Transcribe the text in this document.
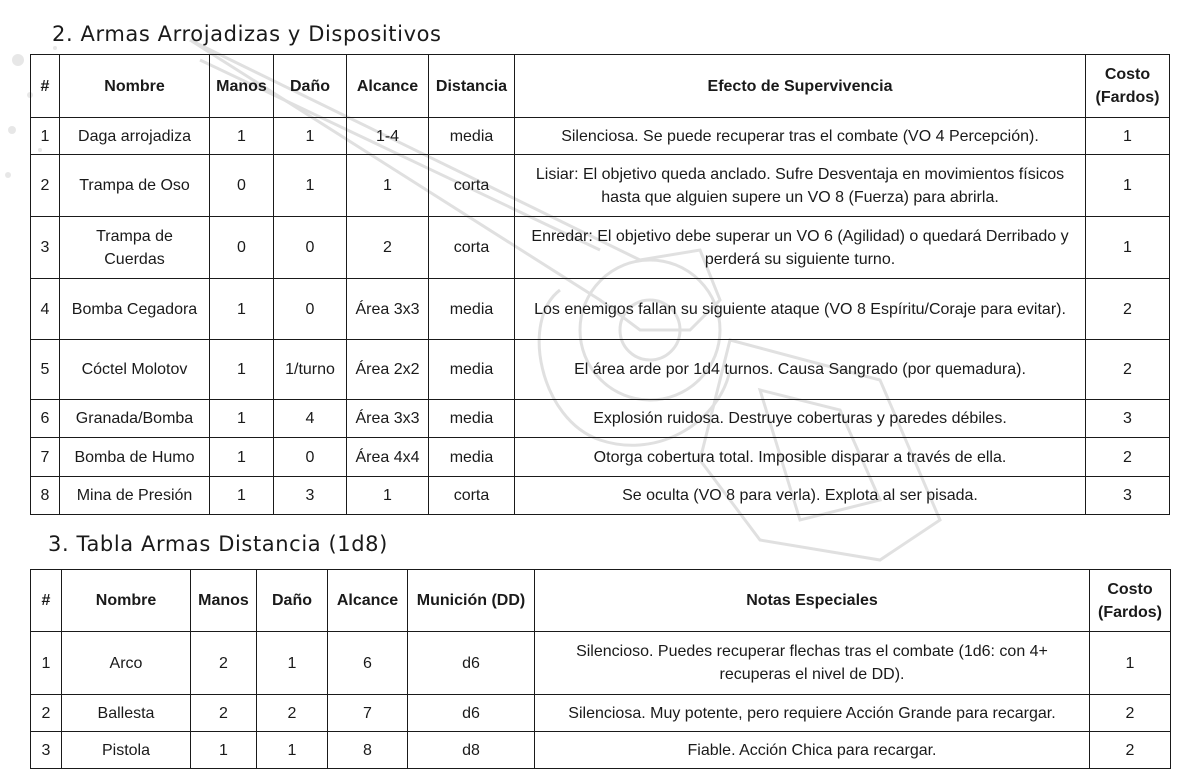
2. Armas Arrojadizas y Dispositivos
#	Nombre	Manos	Daño	Alcance	Distancia	Efecto de Supervivencia	Costo (Fardos)
1	Daga arrojadiza	1	1	1-4	media	Silenciosa. Se puede recuperar tras el combate (VO 4 Percepción).	1
2	Trampa de Oso	0	1	1	corta	Lisiar: El objetivo queda anclado. Sufre Desventaja en movimientos físicos hasta que alguien supere un VO 8 (Fuerza) para abrirla.	1
3	Trampa de Cuerdas	0	0	2	corta	Enredar: El objetivo debe superar un VO 6 (Agilidad) o quedará Derribado y perderá su siguiente turno.	1
4	Bomba Cegadora	1	0	Área 3x3	media	Los enemigos fallan su siguiente ataque (VO 8 Espíritu/Coraje para evitar).	2
5	Cóctel Molotov	1	1/turno	Área 2x2	media	El área arde por 1d4 turnos. Causa Sangrado (por quemadura).	2
6	Granada/Bomba	1	4	Área 3x3	media	Explosión ruidosa. Destruye coberturas y paredes débiles.	3
7	Bomba de Humo	1	0	Área 4x4	media	Otorga cobertura total. Imposible disparar a través de ella.	2
8	Mina de Presión	1	3	1	corta	Se oculta (VO 8 para verla). Explota al ser pisada.	3
3. Tabla Armas Distancia (1d8)
#	Nombre	Manos	Daño	Alcance	Munición (DD)	Notas Especiales	Costo (Fardos)
1	Arco	2	1	6	d6	Silencioso. Puedes recuperar flechas tras el combate (1d6: con 4+ recuperas el nivel de DD).	1
2	Ballesta	2	2	7	d6	Silenciosa. Muy potente, pero requiere Acción Grande para recargar.	2
3	Pistola	1	1	8	d8	Fiable. Acción Chica para recargar.	2
